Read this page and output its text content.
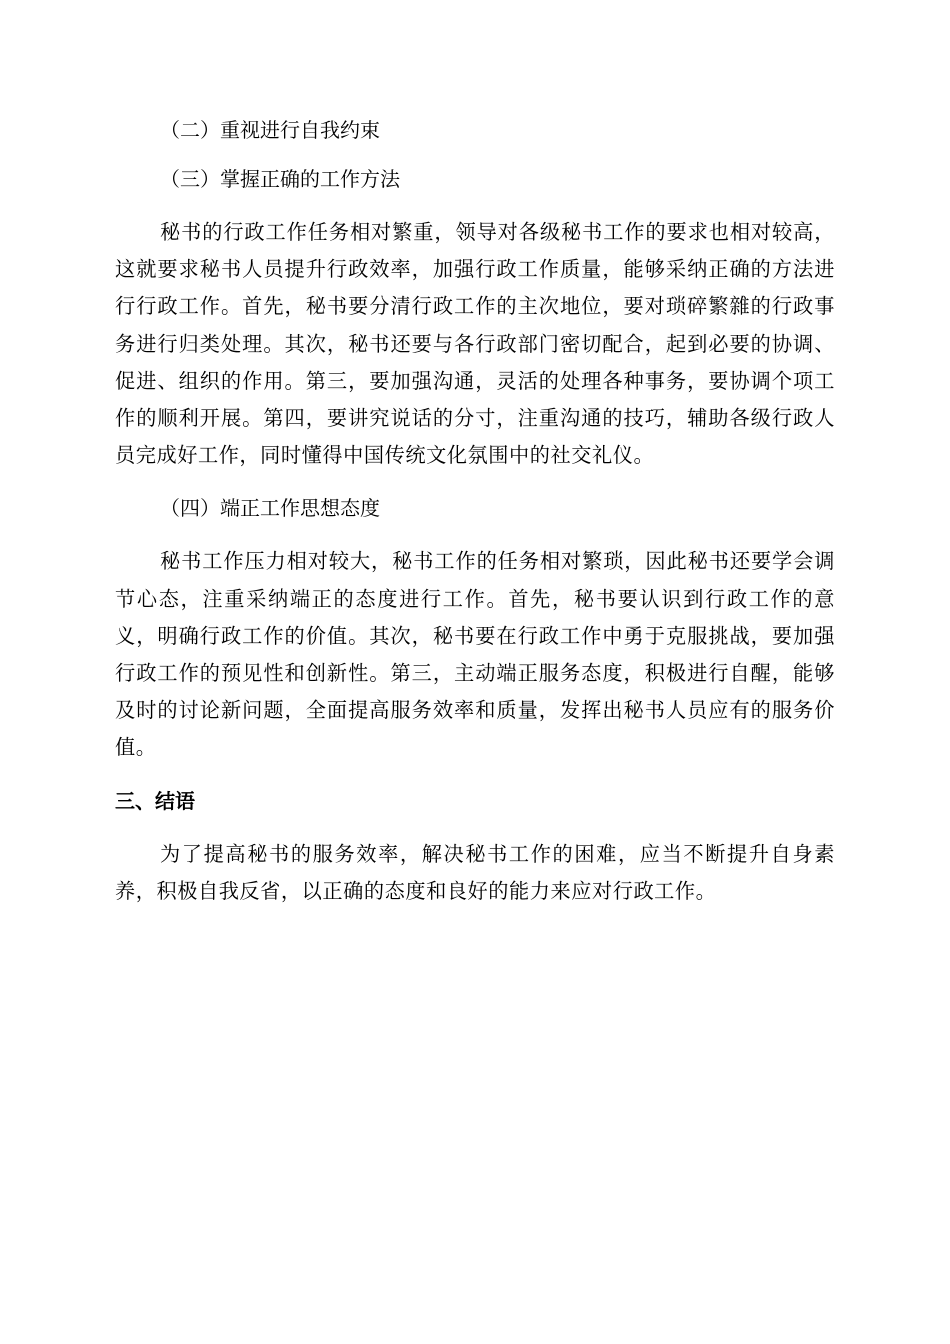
（二）重视进行自我约束

（三）掌握正确的工作方法

秘书的行政工作任务相对繁重，领导对各级秘书工作的要求也相对较高，这就要求秘书人员提升行政效率，加强行政工作质量，能够采纳正确的方法进行行政工作。首先，秘书要分清行政工作的主次地位，要对琐碎繁雜的行政事务进行归类处理。其次，秘书还要与各行政部门密切配合，起到必要的协调、促进、组织的作用。第三，要加强沟通，灵活的处理各种事务，要协调个项工作的顺利开展。第四，要讲究说话的分寸，注重沟通的技巧，辅助各级行政人员完成好工作，同时懂得中国传统文化氛围中的社交礼仪。

（四）端正工作思想态度

秘书工作压力相对较大，秘书工作的任务相对繁琐，因此秘书还要学会调节心态，注重采纳端正的态度进行工作。首先，秘书要认识到行政工作的意义，明确行政工作的价值。其次，秘书要在行政工作中勇于克服挑战，要加强行政工作的预见性和创新性。第三，主动端正服务态度，积极进行自醒，能够及时的讨论新问题，全面提高服务效率和质量，发挥出秘书人员应有的服务价值。

三、结语

为了提高秘书的服务效率，解决秘书工作的困难，应当不断提升自身素养，积极自我反省，以正确的态度和良好的能力来应对行政工作。
